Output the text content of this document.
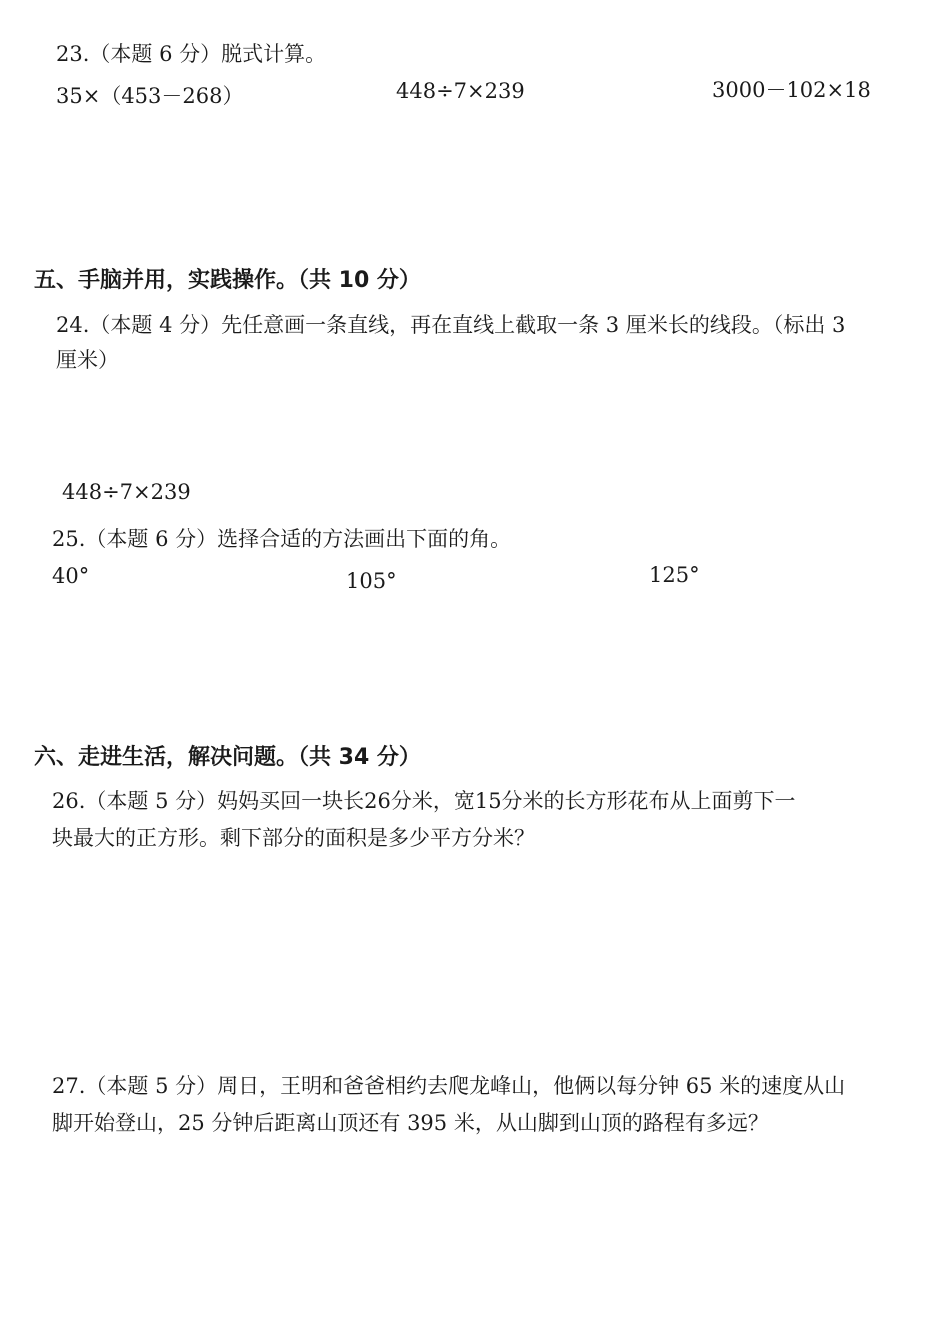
23.（本题 6 分）脱式计算。
35×（453－268）	448÷7×239	3000－102×18
五、手脑并用，实践操作。（共 10 分）
24.（本题 4 分）先任意画一条直线，再在直线上截取一条 3 厘米长的线段。（标出 3
厘米）
448÷7×239
25.（本题 6 分）选择合适的方法画出下面的角。
40°	105°	125°
六、走进生活，解决问题。（共 34 分）
26.（本题 5 分）妈妈买回一块长26分米，宽15分米的长方形花布从上面剪下一
块最大的正方形。剩下部分的面积是多少平方分米？
27.（本题 5 分）周日，王明和爸爸相约去爬龙峰山，他俩以每分钟 65 米的速度从山
脚开始登山，25 分钟后距离山顶还有 395 米，从山脚到山顶的路程有多远？
